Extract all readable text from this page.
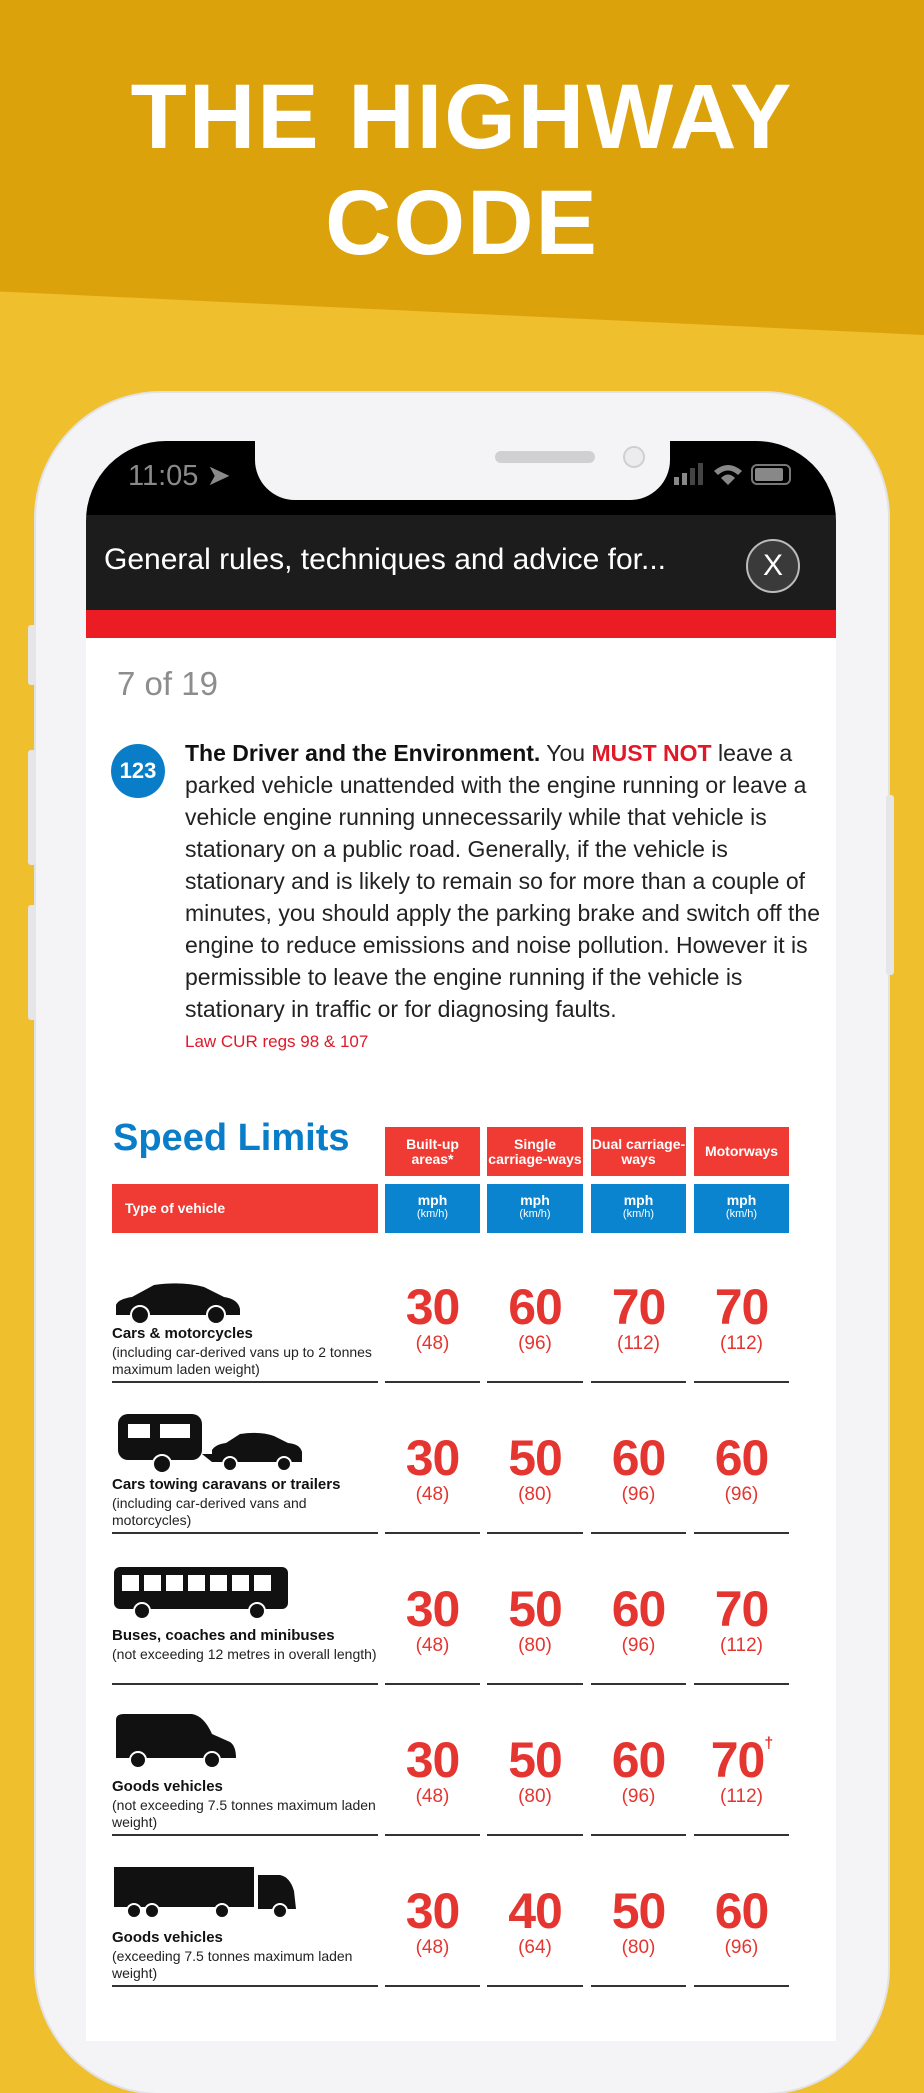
THE HIGHWAY
CODE
11:05 ➤
General rules, techniques and advice for...	X
7 of 19
123
The Driver and the Environment. You MUST NOT leave a parked vehicle unattended with the engine running or leave a vehicle engine running unnecessarily while that vehicle is stationary on a public road. Generally, if the vehicle is stationary and is likely to remain so for more than a couple of minutes, you should apply the parking brake and switch off the engine to reduce emissions and noise pollution. However it is permissible to leave the engine running if the vehicle is stationary in traffic or for diagnosing faults.
Law CUR regs 98 & 107
Speed Limits	Built-up areas*
mph
(km/h)
Single carriage-ways
mph
(km/h)
Dual carriage-ways
mph
(km/h)
Motorways
mph
(km/h)
Type of vehicle
Cars & motorcycles
(including car-derived vans up to 2 tonnes maximum laden weight)
30
(48)
60
(96)
70
(112)
70
(112)
Cars towing caravans or trailers
(including car-derived vans and motorcycles)
30
(48)
50
(80)
60
(96)
60
(96)
Buses, coaches and minibuses
(not exceeding 12 metres in overall length)
30
(48)
50
(80)
60
(96)
70
(112)
Goods vehicles
(not exceeding 7.5 tonnes maximum laden weight)
30
(48)
50
(80)
60
(96)
70†
(112)
Goods vehicles
(exceeding 7.5 tonnes maximum laden weight)
30
(48)
40
(64)
50
(80)
60
(96)
